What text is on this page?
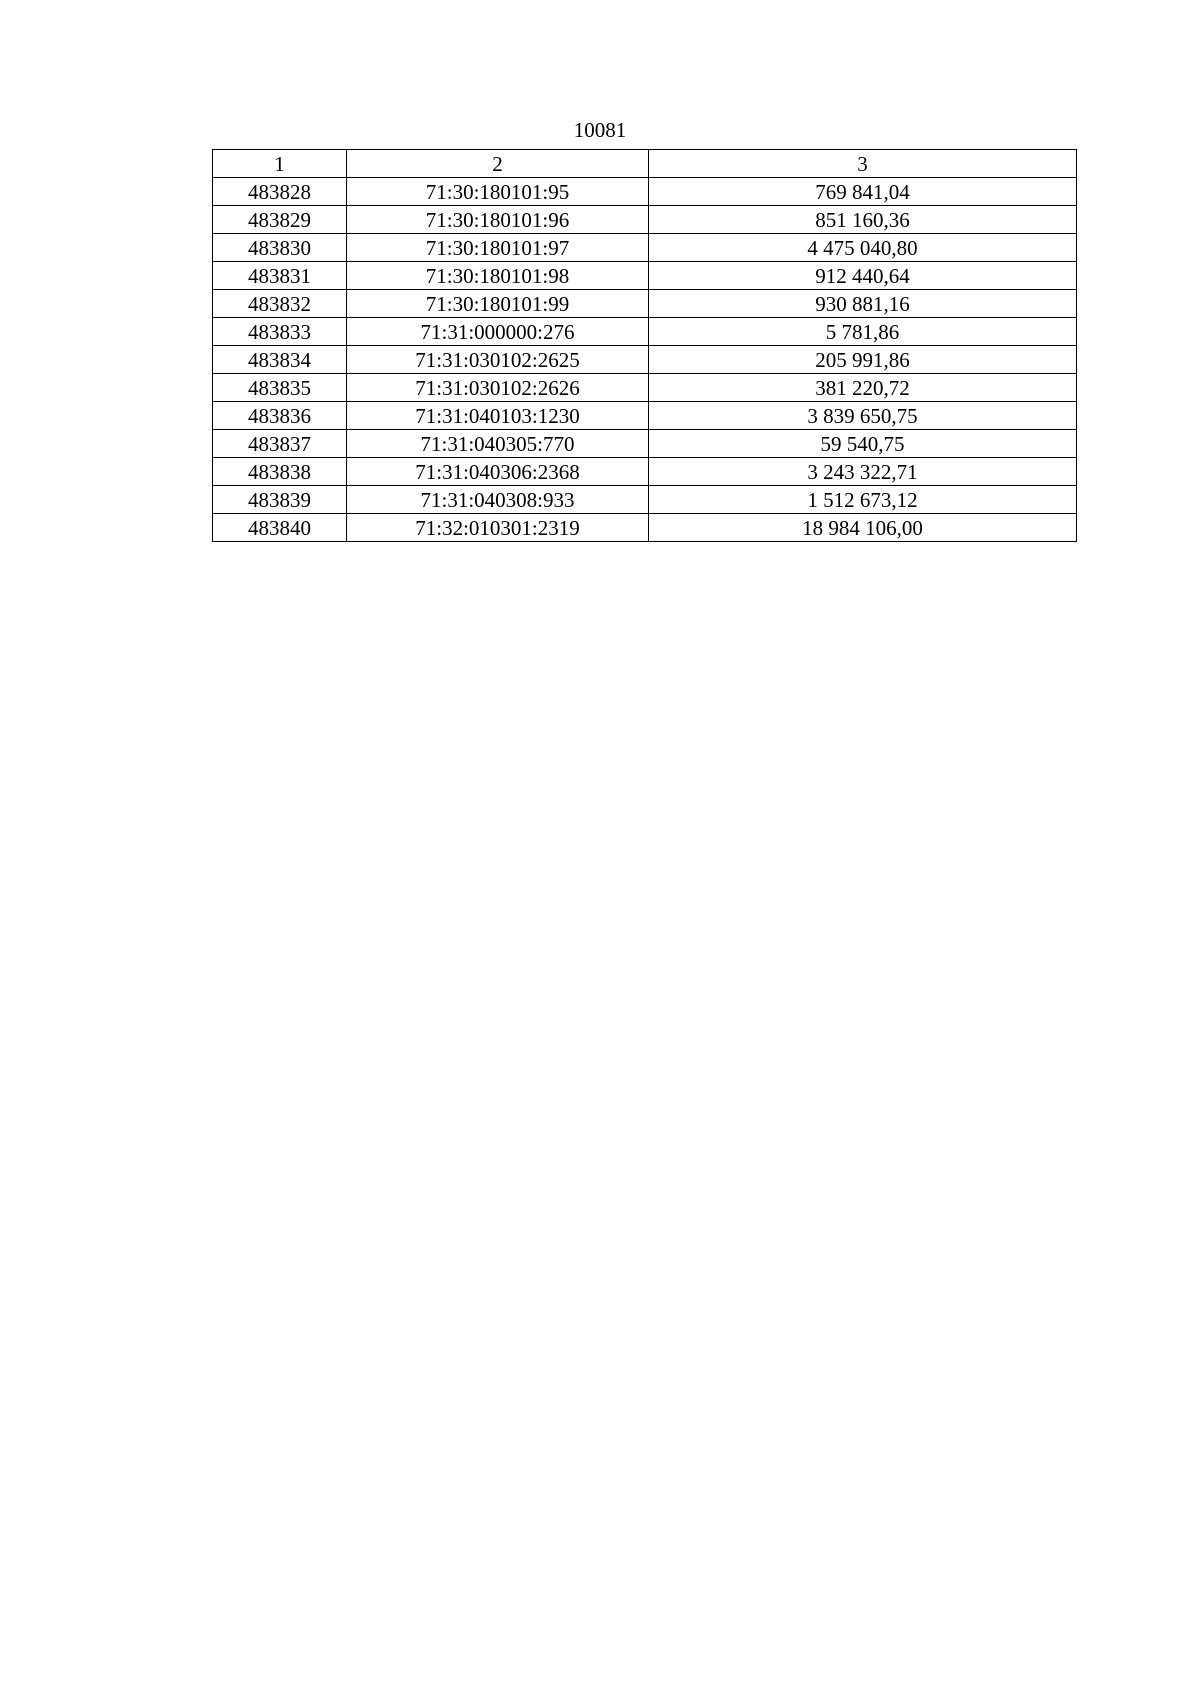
10081
1	2	3
483828	71:30:180101:95	769 841,04
483829	71:30:180101:96	851 160,36
483830	71:30:180101:97	4 475 040,80
483831	71:30:180101:98	912 440,64
483832	71:30:180101:99	930 881,16
483833	71:31:000000:276	5 781,86
483834	71:31:030102:2625	205 991,86
483835	71:31:030102:2626	381 220,72
483836	71:31:040103:1230	3 839 650,75
483837	71:31:040305:770	59 540,75
483838	71:31:040306:2368	3 243 322,71
483839	71:31:040308:933	1 512 673,12
483840	71:32:010301:2319	18 984 106,00
